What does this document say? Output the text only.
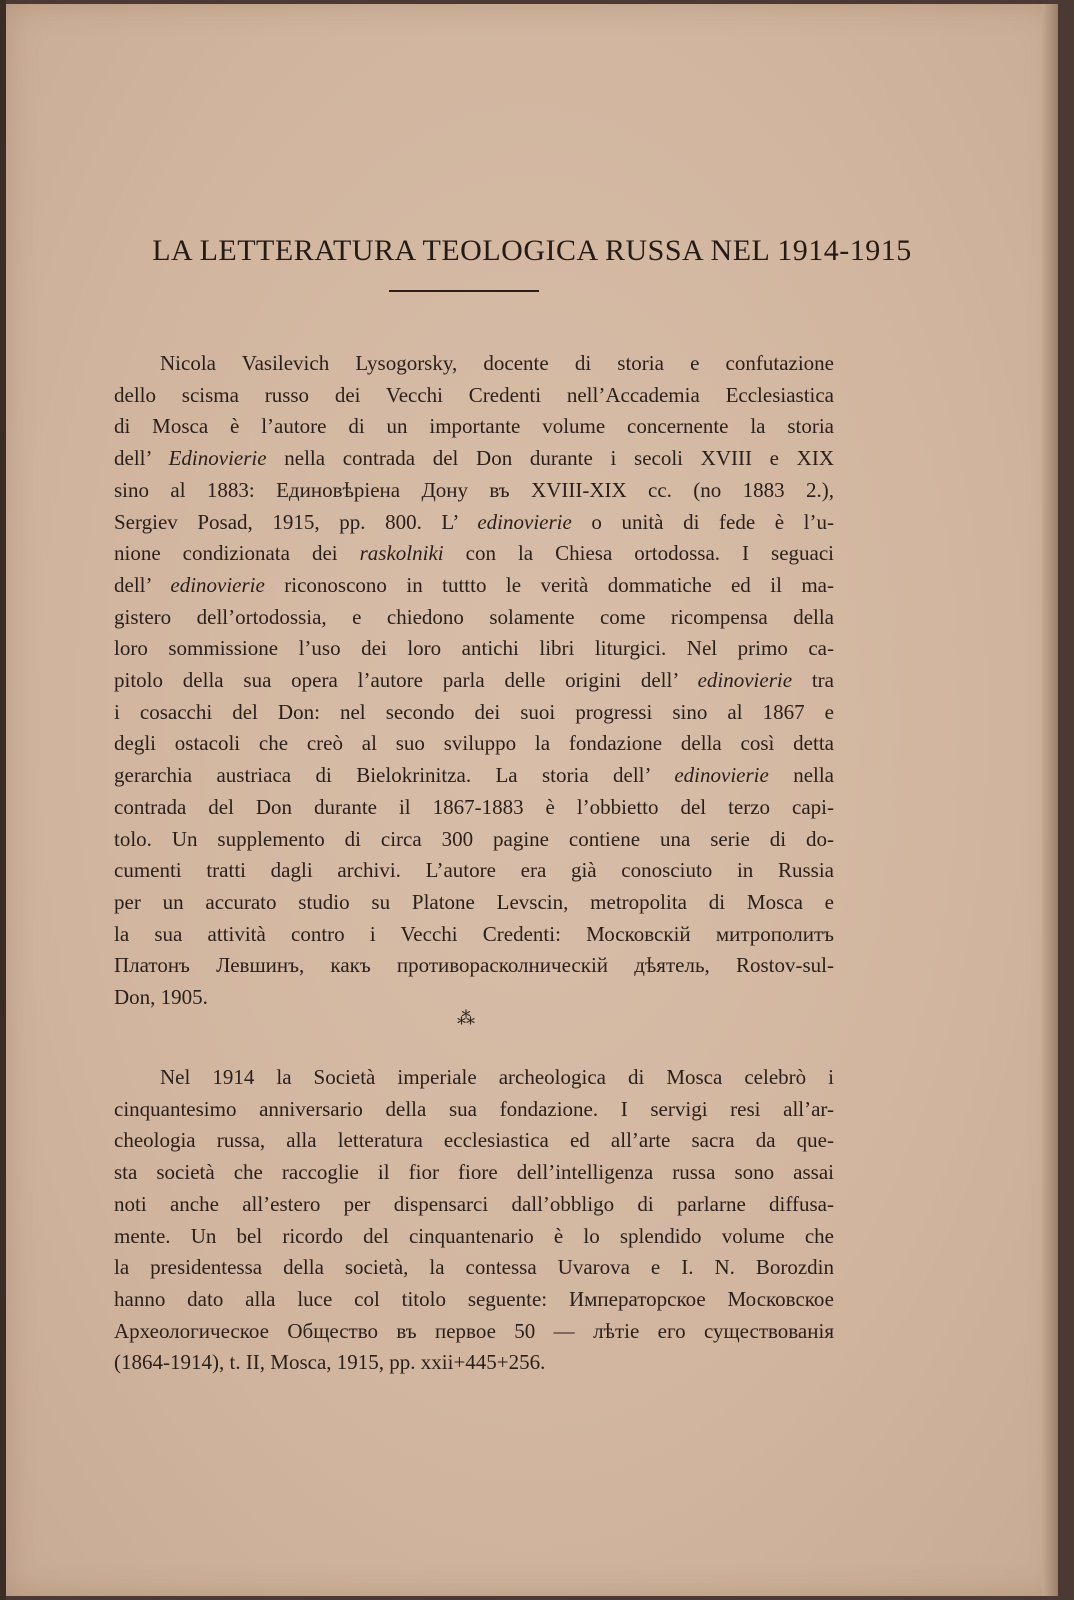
LA LETTERATURA TEOLOGICA RUSSA NEL 1914-1915
Nicola Vasilevich Lysogorsky, docente di storia e confutazione
dello scisma russo dei Vecchi Credenti nell’Accademia Ecclesiastica
di Mosca è l’autore di un importante volume concernente la storia
dell’ Edinovierie nella contrada del Don durante i secoli XVIII e XIX
sino al 1883: Единовѣріена Дону въ XVIII-XIX cc. (no 1883 2.),
Sergiev Posad, 1915, pp. 800. L’ edinovierie o unità di fede è l’u-
nione condizionata dei raskolniki con la Chiesa ortodossa. I seguaci
dell’ edinovierie riconoscono in tuttto le verità dommatiche ed il ma-
gistero dell’ortodossia, e chiedono solamente come ricompensa della
loro sommissione l’uso dei loro antichi libri liturgici. Nel primo ca-
pitolo della sua opera l’autore parla delle origini dell’ edinovierie tra
i cosacchi del Don: nel secondo dei suoi progressi sino al 1867 e
degli ostacoli che creò al suo sviluppo la fondazione della così detta
gerarchia austriaca di Bielokrinitza. La storia dell’ edinovierie nella
contrada del Don durante il 1867-1883 è l’obbietto del terzo capi-
tolo. Un supplemento di circa 300 pagine contiene una serie di do-
cumenti tratti dagli archivi. L’autore era già conosciuto in Russia
per un accurato studio su Platone Levscin, metropolita di Mosca e
la sua attività contro i Vecchi Credenti: Московскій митрополитъ
Платонъ Левшинъ, какъ противорасколническій дѣятель, Rostov-sul-
Don, 1905.
⁂
Nel 1914 la Società imperiale archeologica di Mosca celebrò i
cinquantesimo anniversario della sua fondazione. I servigi resi all’ar-
cheologia russa, alla letteratura ecclesiastica ed all’arte sacra da que-
sta società che raccoglie il fior fiore dell’intelligenza russa sono assai
noti anche all’estero per dispensarci dall’obbligo di parlarne diffusa-
mente. Un bel ricordo del cinquantenario è lo splendido volume che
la presidentessa della società, la contessa Uvarova e I. N. Borozdin
hanno dato alla luce col titolo seguente: Императорское Московское
Археологическое Общество въ первое 50 — лѣтіе его существованія
(1864-1914), t. II, Mosca, 1915, pp. xxii+445+256.
